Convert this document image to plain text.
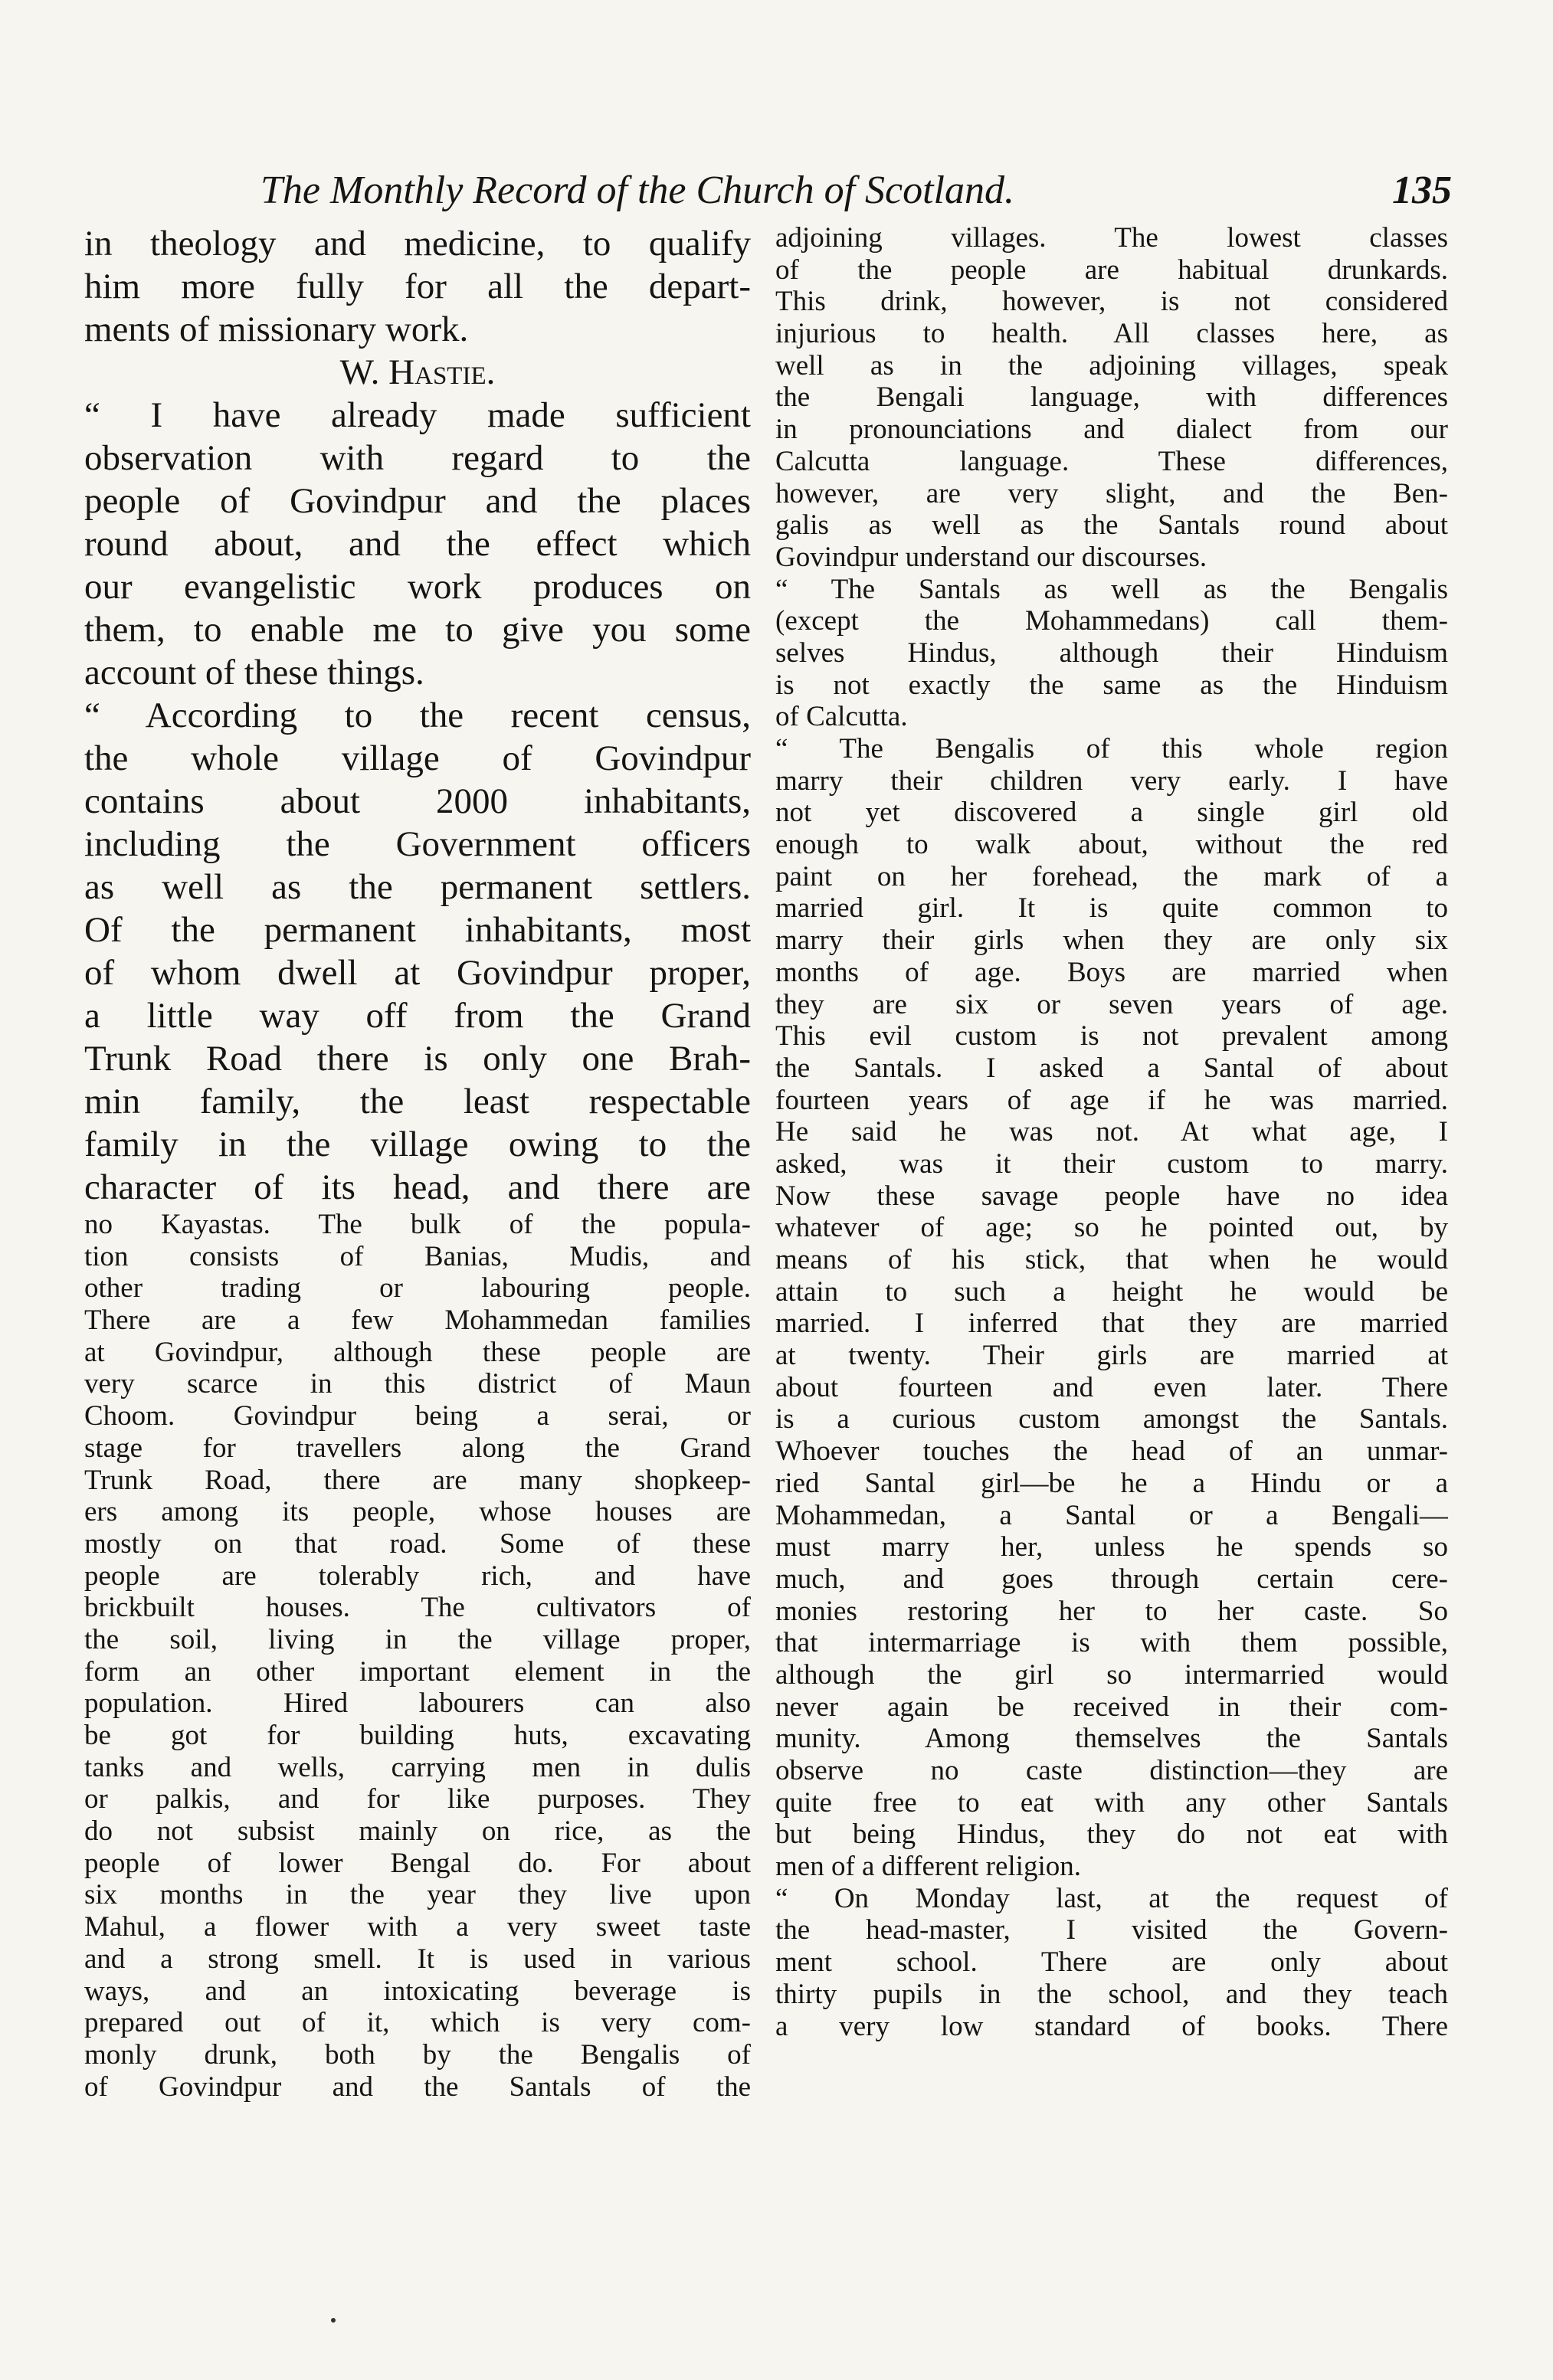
The Monthly Record of the Church of Scotland.	135
in theology and medicine, to qualify
him more fully for all the depart-
ments of missionary work.
W. Hastie.
“ I have already made sufficient
observation with regard to the
people of Govindpur and the places
round about, and the effect which
our evangelistic work produces on
them, to enable me to give you some
account of these things.
“ According to the recent census,
the whole village of Govindpur
contains about 2000 inhabitants,
including the Government officers
as well as the permanent settlers.
Of the permanent inhabitants, most
of whom dwell at Govindpur proper,
a little way off from the Grand
Trunk Road there is only one Brah-
min family, the least respectable
family in the village owing to the
character of its head, and there are
no Kayastas. The bulk of the popula-
tion consists of Banias, Mudis, and
other trading or labouring people.
There are a few Mohammedan families
at Govindpur, although these people are
very scarce in this district of Maun
Choom. Govindpur being a serai, or
stage for travellers along the Grand
Trunk Road, there are many shopkeep-
ers among its people, whose houses are
mostly on that road. Some of these
people are tolerably rich, and have
brickbuilt houses. The cultivators of
the soil, living in the village proper,
form an other important element in the
population. Hired labourers can also
be got for building huts, excavating
tanks and wells, carrying men in dulis
or palkis, and for like purposes. They
do not subsist mainly on rice, as the
people of lower Bengal do. For about
six months in the year they live upon
Mahul, a flower with a very sweet taste
and a strong smell. It is used in various
ways, and an intoxicating beverage is
prepared out of it, which is very com-
monly drunk, both by the Bengalis of
of Govindpur and the Santals of the
adjoining villages. The lowest classes
of the people are habitual drunkards.
This drink, however, is not considered
injurious to health. All classes here, as
well as in the adjoining villages, speak
the Bengali language, with differences
in pronounciations and dialect from our
Calcutta language. These differences,
however, are very slight, and the Ben-
galis as well as the Santals round about
Govindpur understand our discourses.
“ The Santals as well as the Bengalis
(except the Mohammedans) call them-
selves Hindus, although their Hinduism
is not exactly the same as the Hinduism
of Calcutta.
“ The Bengalis of this whole region
marry their children very early. I have
not yet discovered a single girl old
enough to walk about, without the red
paint on her forehead, the mark of a
married girl. It is quite common to
marry their girls when they are only six
months of age. Boys are married when
they are six or seven years of age.
This evil custom is not prevalent among
the Santals. I asked a Santal of about
fourteen years of age if he was married.
He said he was not. At what age, I
asked, was it their custom to marry.
Now these savage people have no idea
whatever of age; so he pointed out, by
means of his stick, that when he would
attain to such a height he would be
married. I inferred that they are married
at twenty. Their girls are married at
about fourteen and even later. There
is a curious custom amongst the Santals.
Whoever touches the head of an unmar-
ried Santal girl—be he a Hindu or a
Mohammedan, a Santal or a Bengali—
must marry her, unless he spends so
much, and goes through certain cere-
monies restoring her to her caste. So
that intermarriage is with them possible,
although the girl so intermarried would
never again be received in their com-
munity. Among themselves the Santals
observe no caste distinction—they are
quite free to eat with any other Santals
but being Hindus, they do not eat with
men of a different religion.
“ On Monday last, at the request of
the head-master, I visited the Govern-
ment school. There are only about
thirty pupils in the school, and they teach
a very low standard of books. There
